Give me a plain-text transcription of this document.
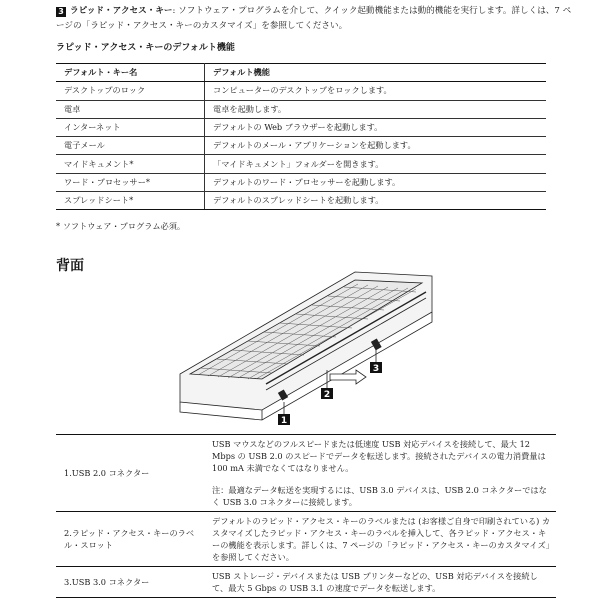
3 ラピッド・アクセス・キー: ソフトウェア・プログラムを介して、クイック起動機能または動的機能を実行します。詳しくは、7 ページの「ラピッド・アクセス・キーのカスタマイズ」を参照してください。
ラピッド・アクセス・キーのデフォルト機能
デフォルト・キー名	デフォルト機能
デスクトップのロック	コンピューターのデスクトップをロックします。
電卓	電卓を起動します。
インターネット	デフォルトの Web ブラウザーを起動します。
電子メール	デフォルトのメール・アプリケーションを起動します。
マイドキュメント*	「マイドキュメント」フォルダーを開きます。
ワード・プロセッサー*	デフォルトのワード・プロセッサーを起動します。
スプレッドシート*	デフォルトのスプレッドシートを起動します。
* ソフトウェア・プログラム必須。
背面
1
2
3
1.USB 2.0 コネクター	USB マウスなどのフルスピードまたは低速度 USB 対応デバイスを接続して、最大 12 Mbps の USB 2.0 のスピードでデータを転送します。接続されたデバイスの電力消費量は 100 mA 未満でなくてはなりません。

注：最適なデータ転送を実現するには、USB 3.0 デバイスは、USB 2.0 コネクターではなく USB 3.0 コネクターに接続します。

2.ラピッド・アクセス・キーのラベル・スロット	デフォルトのラピッド・アクセス・キーのラベルまたは (お客様ご自身で印刷されている) カスタマイズしたラピッド・アクセス・キーのラベルを挿入して、各ラピッド・アクセス・キーの機能を表示します。詳しくは、7 ページの「ラピッド・アクセス・キーのカスタマイズ」を参照してください。

3.USB 3.0 コネクター	USB ストレージ・デバイスまたは USB プリンターなどの、USB 対応デバイスを接続して、最大 5 Gbps の USB 3.1 の速度でデータを転送します。
